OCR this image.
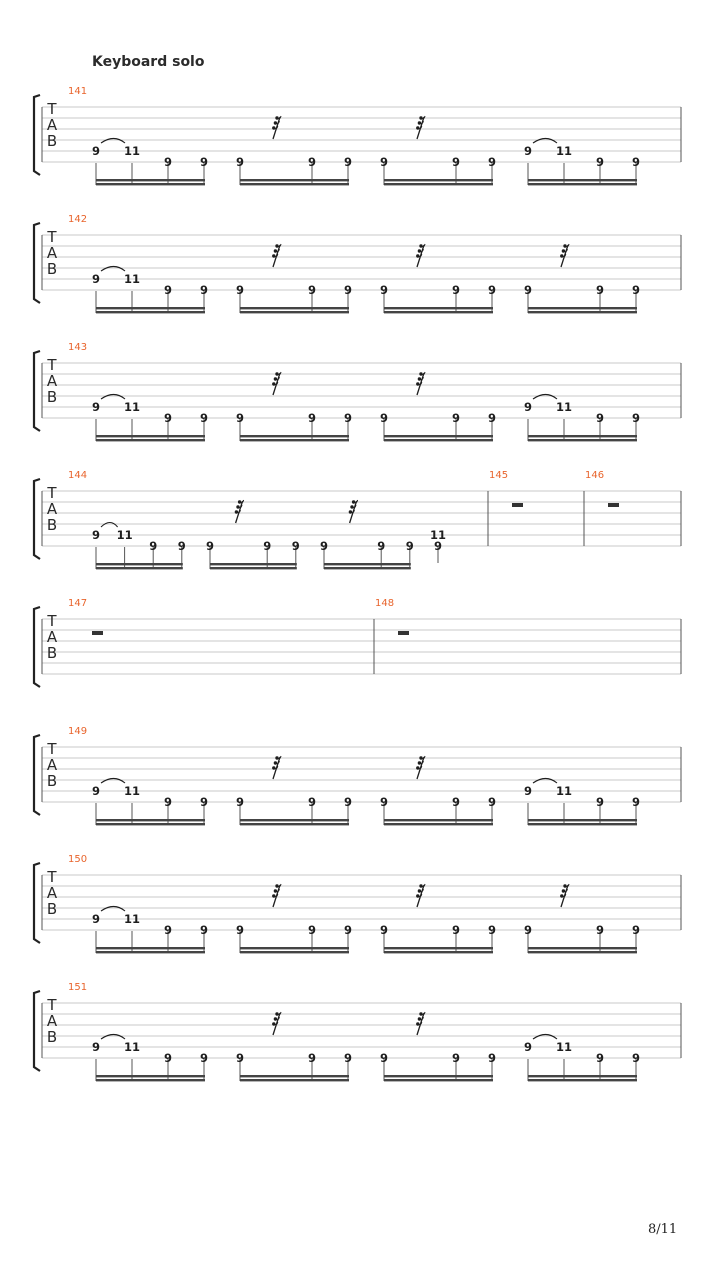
Keyboard solo
T
A
B
141
9 11
9 9 9	9 9 9	9 9
9 11
9 9
T
A
B
142
9 11
9 9 9	9 9 9	9 9 9	9 9
T
A
B
143
9 11
9 9 9	9 9 9	9 9
9 11
9 9
T
A
B
144
9 11
9 9 9	9 9 9	9 9 9
11
145	146
T
A
B
147	148
T
A
B
149
9 11
9 9 9	9 9 9	9 9
9 11
9 9
T
A
B
150
9 11
9 9 9	9 9 9	9 9 9	9 9
T
A
B
151
9 11
9 9 9	9 9 9	9 9
9 11
9 9
8/11
